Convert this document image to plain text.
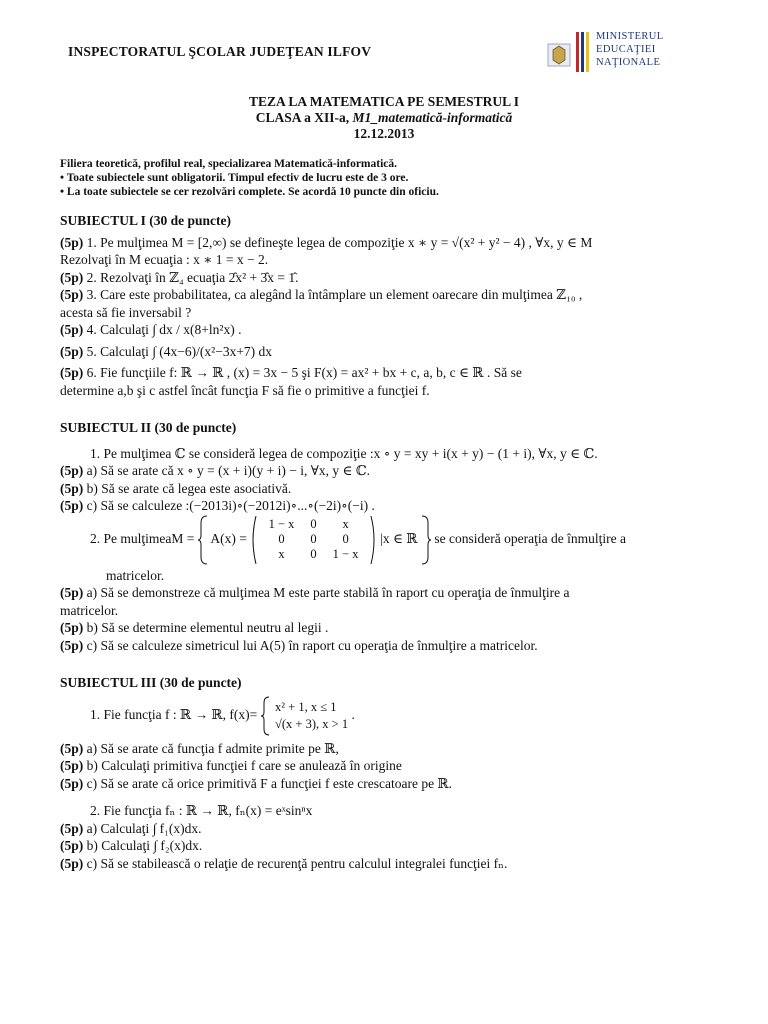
INSPECTORATUL ŞCOLAR JUDEŢEAN ILFOV
MINISTERUL
EDUCAŢIEI
NAŢIONALE
TEZA LA MATEMATICA PE SEMESTRUL I
CLASA a XII-a, M1_matematică-informatică
12.12.2013
Filiera teoretică, profilul real, specializarea Matematică-informatică.
• Toate subiectele sunt obligatorii. Timpul efectiv de lucru este de 3 ore.
• La toate subiectele se cer rezolvări complete. Se acordă 10 puncte din oficiu.
SUBIECTUL I (30 de puncte)
(5p) 1. Pe mulţimea M = [2,∞) se defineşte legea de compoziţie x ∗ y = √(x² + y² − 4) , ∀x, y ∈ M
Rezolvaţi în M ecuaţia : x ∗ 1 = x − 2.
(5p) 2. Rezolvaţi în ℤ₄ ecuaţia 2̂x² + 3̂x = 1̂.
(5p) 3. Care este probabilitatea, ca alegând la întâmplare un element oarecare din mulţimea ℤ₁₀ ,
acesta să fie inversabil ?
(5p) 4. Calculaţi ∫ dx / x(8+ln²x) .
(5p) 5. Calculaţi ∫ (4x−6)/(x²−3x+7) dx
(5p) 6. Fie funcţiile f: ℝ → ℝ , (x) = 3x − 5 şi F(x) = ax² + bx + c, a, b, c ∈ ℝ . Să se
determine a,b şi c astfel încât funcţia F să fie o primitive a funcţiei f.
SUBIECTUL II (30 de puncte)
1. Pe mulţimea ℂ se consideră legea de compoziţie :x ∘ y = xy + i(x + y) − (1 + i), ∀x, y ∈ ℂ.
(5p) a) Să se arate că x ∘ y = (x + i)(y + i) − i, ∀x, y ∈ ℂ.
(5p) b) Să se arate că legea este asociativă.
(5p) c) Să se calculeze :(−2013i)∘(−2012i)∘...∘(−2i)∘(−i) .
2. Pe mulţimeaM =  A(x) =
1 − x	0	x
0	0	0
x	0	1 − x
|x ∈ ℝ  se consideră operaţia de înmulţire a
matricelor.
(5p) a) Să se demonstreze că mulţimea M este parte stabilă în raport cu operaţia de înmulţire a
matricelor.
(5p) b) Să se determine elementul neutru al legii .
(5p) c) Să se calculeze simetricul lui A(5) în raport cu operaţia de înmulţire a matricelor.
SUBIECTUL III (30 de puncte)
1. Fie funcţia f : ℝ → ℝ, f(x)=
x² + 1, x ≤ 1
√(x + 3), x > 1
.
(5p) a) Să se arate că funcţia f admite primite pe ℝ,
(5p) b) Calculaţi primitiva funcţiei f care se anulează în origine
(5p) c) Să se arate că orice primitivă F a funcţiei f este crescatoare pe ℝ.
2. Fie funcţia fₙ : ℝ → ℝ, fₙ(x) = eˣsinⁿx
(5p) a) Calculaţi ∫ f₁(x)dx.
(5p) b) Calculaţi ∫ f₂(x)dx.
(5p) c) Să se stabilească o relaţie de recurenţă pentru calculul integralei funcţiei fₙ.
